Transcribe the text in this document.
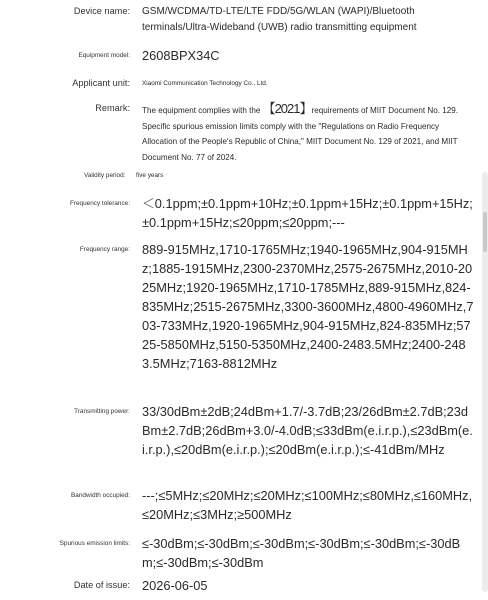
Device name: GSM/WCDMA/TD-LTE/LTE FDD/5G/WLAN (WAPI)/Bluetooth terminals/Ultra-Wideband (UWB) radio transmitting equipment
Equipment model: 2608BPX34C
Applicant unit: Xiaomi Communication Technology Co., Ltd.
Remark: The equipment complies with the 【2021】requirements of MIIT Document No. 129. Specific spurious emission limits comply with the "Regulations on Radio Frequency Allocation of the People's Republic of China," MIIT Document No. 129 of 2021, and MIIT Document No. 77 of 2024.
Validity period: five years
Frequency tolerance: ＜0.1ppm;±0.1ppm+10Hz;±0.1ppm+15Hz;±0.1ppm+15Hz;±0.1ppm+15Hz;≤20ppm;≤20ppm;---
Frequency range: 889-915MHz,1710-1765MHz;1940-1965MHz,904-915MHz;1885-1915MHz,2300-2370MHz,2575-2675MHz,2010-2025MHz;1920-1965MHz,1710-1785MHz,889-915MHz,824-835MHz;2515-2675MHz,3300-3600MHz,4800-4960MHz,703-733MHz,1920-1965MHz,904-915MHz,824-835MHz;5725-5850MHz,5150-5350MHz,2400-2483.5MHz;2400-2483.5MHz;7163-8812MHz
Transmitting power: 33/30dBm±2dB;24dBm+1.7/-3.7dB;23/26dBm±2.7dB;23dBm±2.7dB;26dBm+3.0/-4.0dB;≤33dBm(e.i.r.p.),≤23dBm(e.i.r.p.),≤20dBm(e.i.r.p.);≤20dBm(e.i.r.p.);≤-41dBm/MHz
Bandwidth occupied: ---;≤5MHz;≤20MHz;≤20MHz;≤100MHz;≤80MHz,≤160MHz,≤20MHz;≤3MHz;≥500MHz
Spurious emission limits: ≤-30dBm;≤-30dBm;≤-30dBm;≤-30dBm;≤-30dBm;≤-30dBm;≤-30dBm;≤-30dBm
Date of issue: 2026-06-05
